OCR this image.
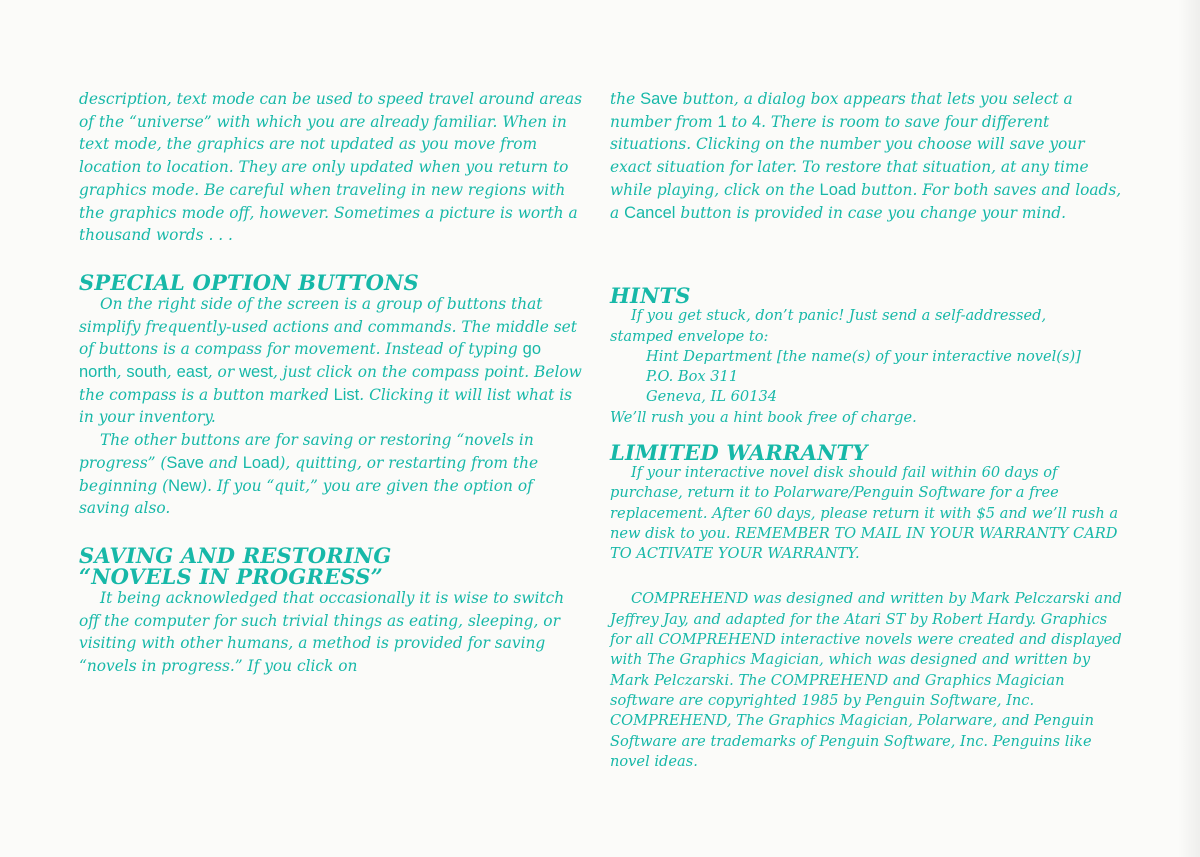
description, text mode can be used to speed travel around areas of the “universe” with which you are already familiar. When in text mode, the graphics are not updated as you move from location to location. They are only updated when you return to graphics mode. Be careful when traveling in new regions with the graphics mode off, however. Sometimes a picture is worth a thousand words . . .

SPECIAL OPTION BUTTONS

On the right side of the screen is a group of buttons that simplify frequently-used actions and commands. The middle set of buttons is a compass for movement. Instead of typing go north, south, east, or west, just click on the compass point. Below the compass is a button marked List. Clicking it will list what is in your inventory.

The other buttons are for saving or restoring “novels in progress” (Save and Load), quitting, or restarting from the beginning (New). If you “quit,” you are given the option of saving also.

SAVING AND RESTORING
“NOVELS IN PROGRESS”

It being acknowledged that occasionally it is wise to switch off the computer for such trivial things as eating, sleeping, or visiting with other humans, a method is provided for saving “novels in progress.” If you click on

the Save button, a dialog box appears that lets you select a number from 1 to 4. There is room to save four different situations. Clicking on the number you choose will save your exact situation for later. To restore that situation, at any time while playing, click on the Load button. For both saves and loads, a Cancel button is provided in case you change your mind.

HINTS

If you get stuck, don’t panic! Just send a self-addressed,

stamped envelope to:

Hint Department [the name(s) of your interactive novel(s)]

P.O. Box 311

Geneva, IL 60134

We’ll rush you a hint book free of charge.

LIMITED WARRANTY

If your interactive novel disk should fail within 60 days of purchase, return it to Polarware/Penguin Software for a free replacement. After 60 days, please return it with $5 and we’ll rush a new disk to you. REMEMBER TO MAIL IN YOUR WARRANTY CARD TO ACTIVATE YOUR WARRANTY.

COMPREHEND was designed and written by Mark Pelczarski and Jeffrey Jay, and adapted for the Atari ST by Robert Hardy. Graphics for all COMPREHEND interactive novels were created and displayed with The Graphics Magician, which was designed and written by Mark Pelczarski. The COMPREHEND and Graphics Magician software are copyrighted 1985 by Penguin Software, Inc. COMPREHEND, The Graphics Magician, Polarware, and Penguin Software are trademarks of Penguin Software, Inc. Penguins like novel ideas.
